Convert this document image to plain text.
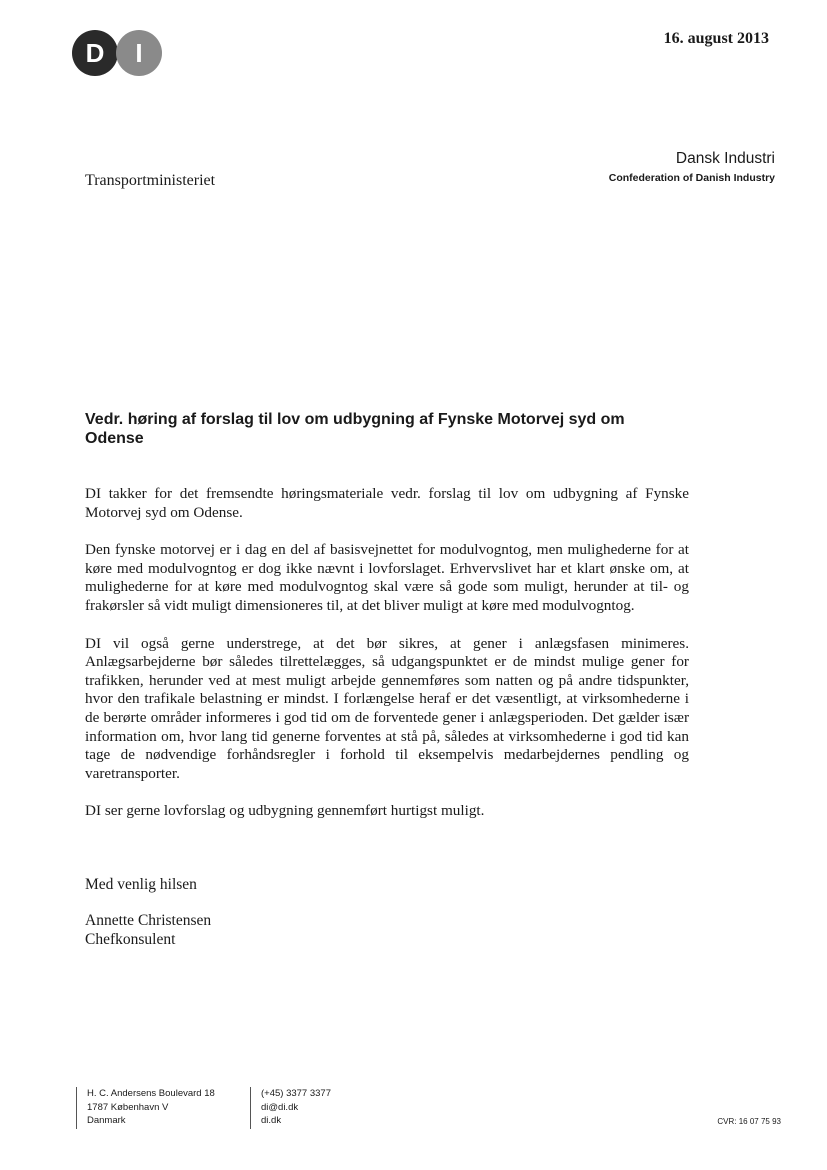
D	I	16. august 2013
Dansk Industri
Confederation of Danish Industry
Transportministeriet
Vedr. høring af forslag til lov om udbygning af Fynske Motorvej syd om Odense

DI takker for det fremsendte høringsmateriale vedr. forslag til lov om udbygning af Fynske Motorvej syd om Odense.

Den fynske motorvej er i dag en del af basisvejnettet for modulvogntog, men mulighederne for at køre med modulvogntog er dog ikke nævnt i lovforslaget. Erhvervslivet har et klart ønske om, at mulighederne for at køre med modulvogntog skal være så gode som muligt, herunder at til- og frakørsler så vidt muligt dimensioneres til, at det bliver muligt at køre med modulvogntog.

DI vil også gerne understrege, at det bør sikres, at gener i anlægsfasen minimeres. Anlægsarbejderne bør således tilrettelægges, så udgangspunktet er de mindst mulige gener for trafikken, herunder ved at mest muligt arbejde gennemføres som natten og på andre tidspunkter, hvor den trafikale belastning er mindst. I forlængelse heraf er det væsentligt, at virksomhederne i de berørte områder informeres i god tid om de forventede gener i anlægsperioden. Det gælder især information om, hvor lang tid generne forventes at stå på, således at virksomhederne i god tid kan tage de nødvendige forhåndsregler i forhold til eksempelvis medarbejdernes pendling og varetransporter.

DI ser gerne lovforslag og udbygning gennemført hurtigst muligt.

Med venlig hilsen
Annette Christensen
Chefkonsulent
H. C. Andersens Boulevard 18
1787 København V
Danmark
(+45) 3377 3377
di@di.dk
di.dk	CVR: 16 07 75 93
